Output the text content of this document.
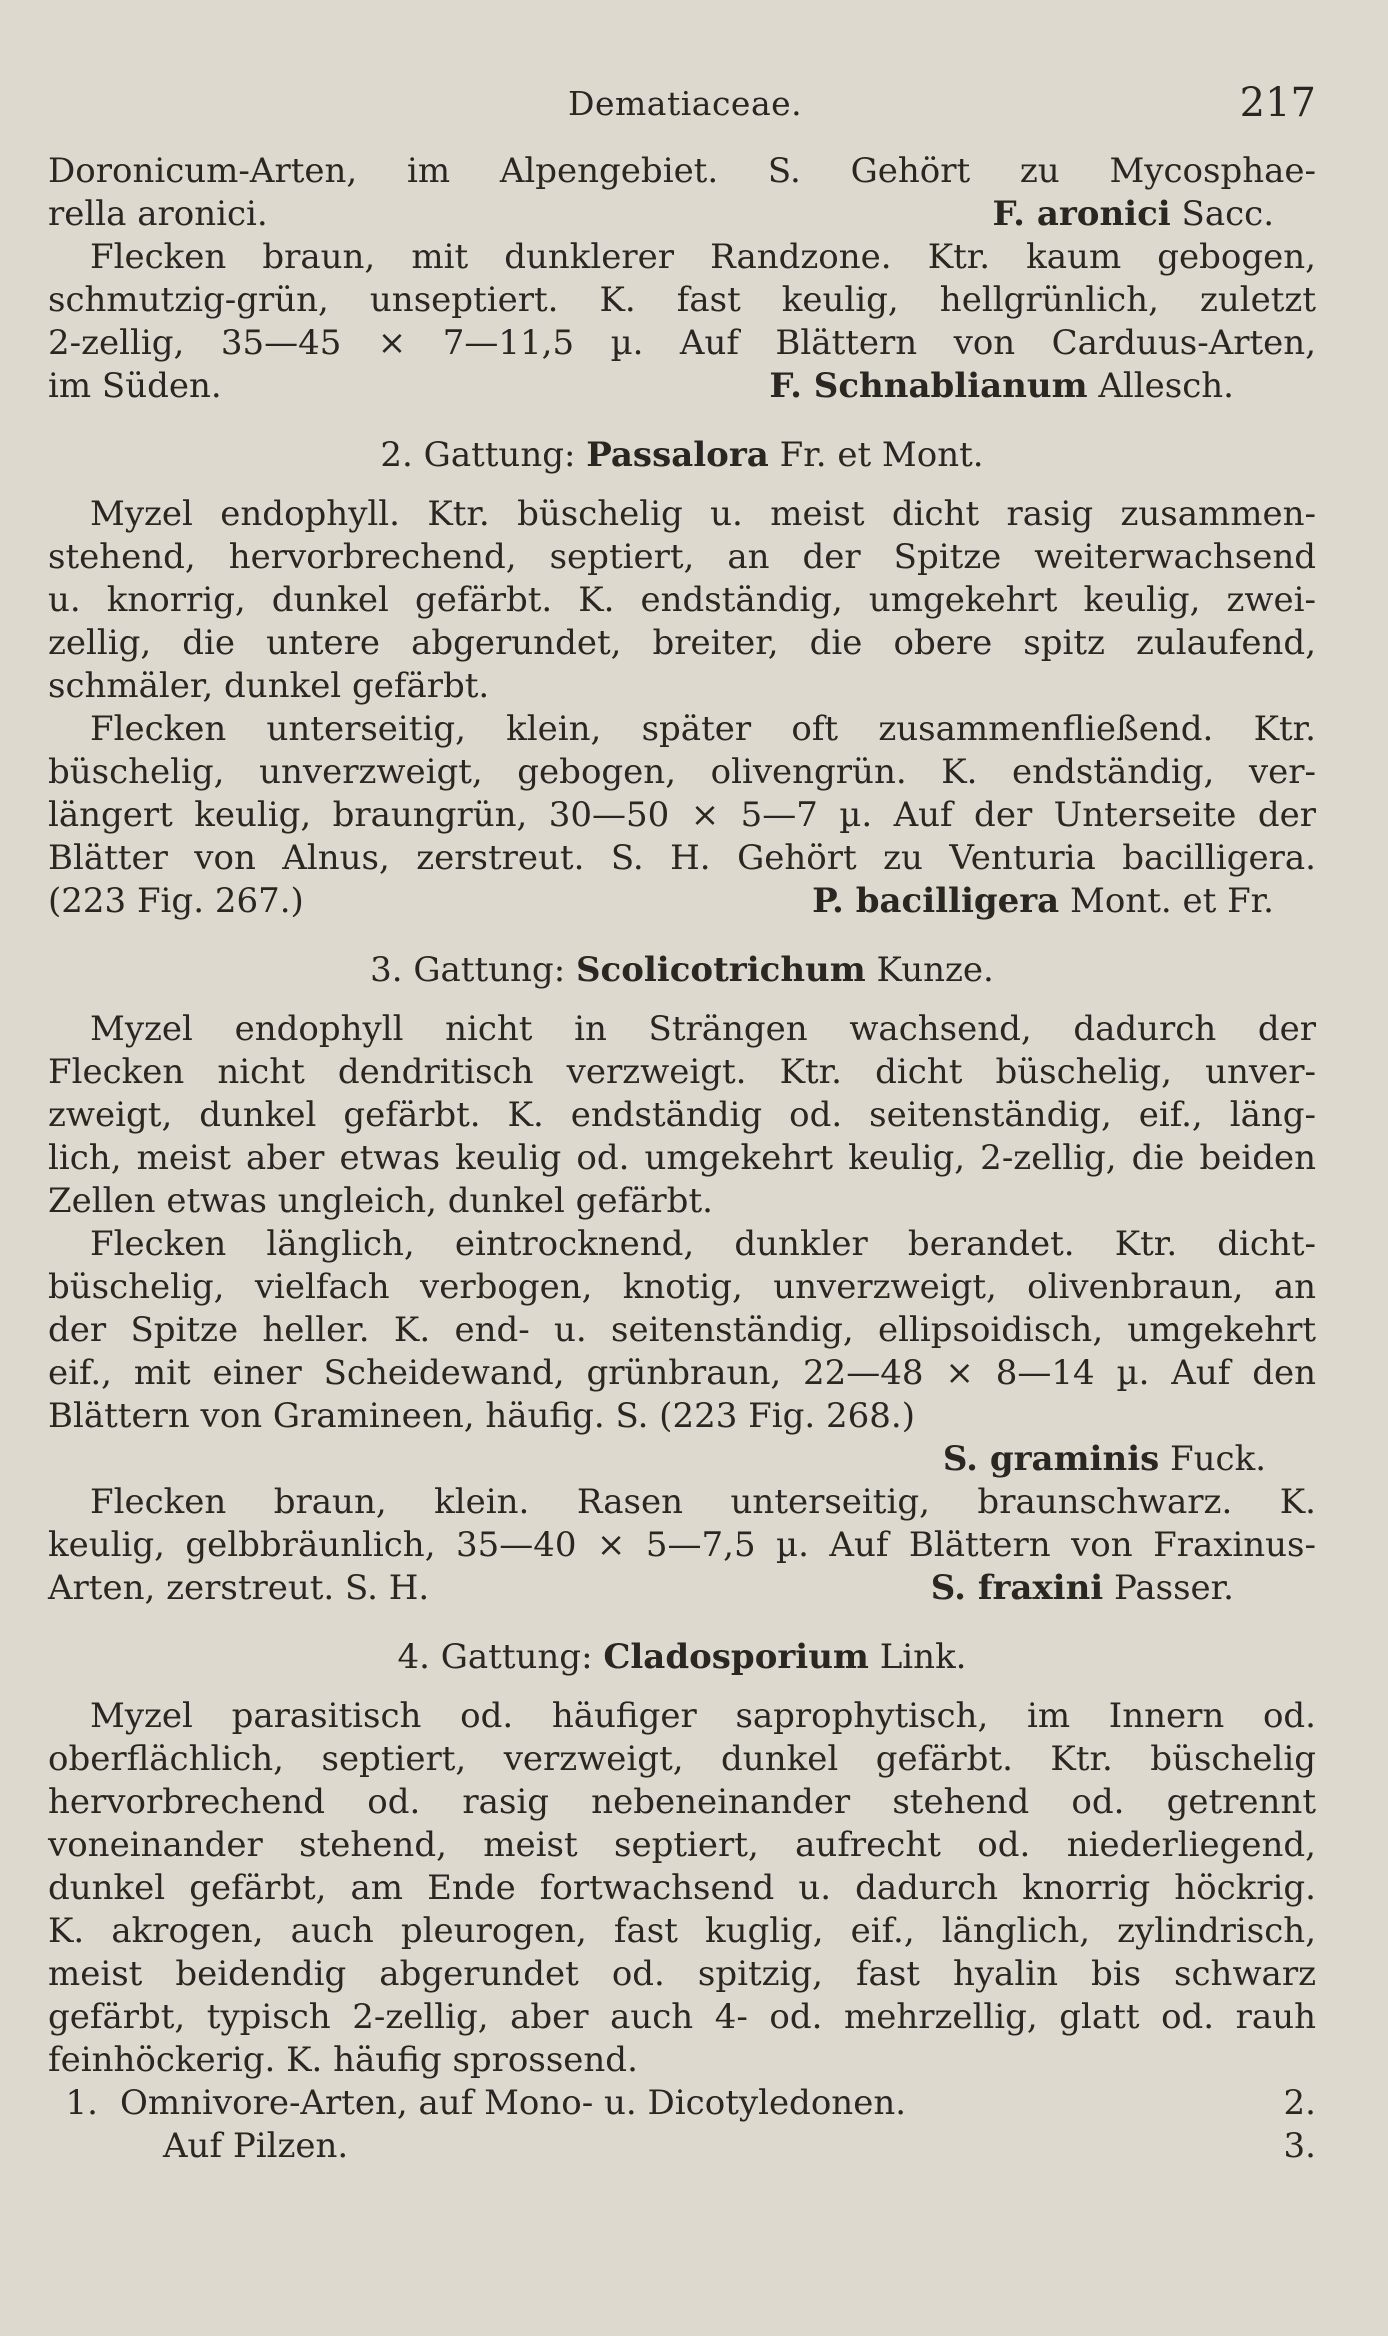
Dematiaceae.	217
Doronicum-Arten, im Alpengebiet. S. Gehört zu Mycosphae-
rella aronici.	F. aronici Sacc.
Flecken braun, mit dunklerer Randzone. Ktr. kaum gebogen,
schmutzig-grün, unseptiert. K. fast keulig, hellgrünlich, zuletzt
2-zellig, 35—45 × 7—11,5 µ. Auf Blättern von Carduus-Arten,
im Süden.	F. Schnablianum Allesch.
2. Gattung: Passalora Fr. et Mont.
Myzel endophyll. Ktr. büschelig u. meist dicht rasig zusammen-
stehend, hervorbrechend, septiert, an der Spitze weiterwachsend
u. knorrig, dunkel gefärbt. K. endständig, umgekehrt keulig, zwei-
zellig, die untere abgerundet, breiter, die obere spitz zulaufend,
schmäler, dunkel gefärbt.
Flecken unterseitig, klein, später oft zusammenfließend. Ktr.
büschelig, unverzweigt, gebogen, olivengrün. K. endständig, ver-
längert keulig, braungrün, 30—50 × 5—7 µ. Auf der Unterseite der
Blätter von Alnus, zerstreut. S. H. Gehört zu Venturia bacilligera.
(223 Fig. 267.)	P. bacilligera Mont. et Fr.
3. Gattung: Scolicotrichum Kunze.
Myzel endophyll nicht in Strängen wachsend, dadurch der
Flecken nicht dendritisch verzweigt. Ktr. dicht büschelig, unver-
zweigt, dunkel gefärbt. K. endständig od. seitenständig, eif., läng-
lich, meist aber etwas keulig od. umgekehrt keulig, 2-zellig, die beiden
Zellen etwas ungleich, dunkel gefärbt.
Flecken länglich, eintrocknend, dunkler berandet. Ktr. dicht-
büschelig, vielfach verbogen, knotig, unverzweigt, olivenbraun, an
der Spitze heller. K. end- u. seitenständig, ellipsoidisch, umgekehrt
eif., mit einer Scheidewand, grünbraun, 22—48 × 8—14 µ. Auf den
Blättern von Gramineen, häufig. S. (223 Fig. 268.)
S. graminis Fuck.
Flecken braun, klein. Rasen unterseitig, braunschwarz. K.
keulig, gelbbräunlich, 35—40 × 5—7,5 µ. Auf Blättern von Fraxinus-
Arten, zerstreut. S. H.	S. fraxini Passer.
4. Gattung: Cladosporium Link.
Myzel parasitisch od. häufiger saprophytisch, im Innern od.
oberflächlich, septiert, verzweigt, dunkel gefärbt. Ktr. büschelig
hervorbrechend od. rasig nebeneinander stehend od. getrennt
voneinander stehend, meist septiert, aufrecht od. niederliegend,
dunkel gefärbt, am Ende fortwachsend u. dadurch knorrig höckrig.
K. akrogen, auch pleurogen, fast kuglig, eif., länglich, zylindrisch,
meist beidendig abgerundet od. spitzig, fast hyalin bis schwarz
gefärbt, typisch 2-zellig, aber auch 4- od. mehrzellig, glatt od. rauh
feinhöckerig. K. häufig sprossend.
1. Omnivore-Arten, auf Mono- u. Dicotyledonen.	2.
Auf Pilzen.	3.
